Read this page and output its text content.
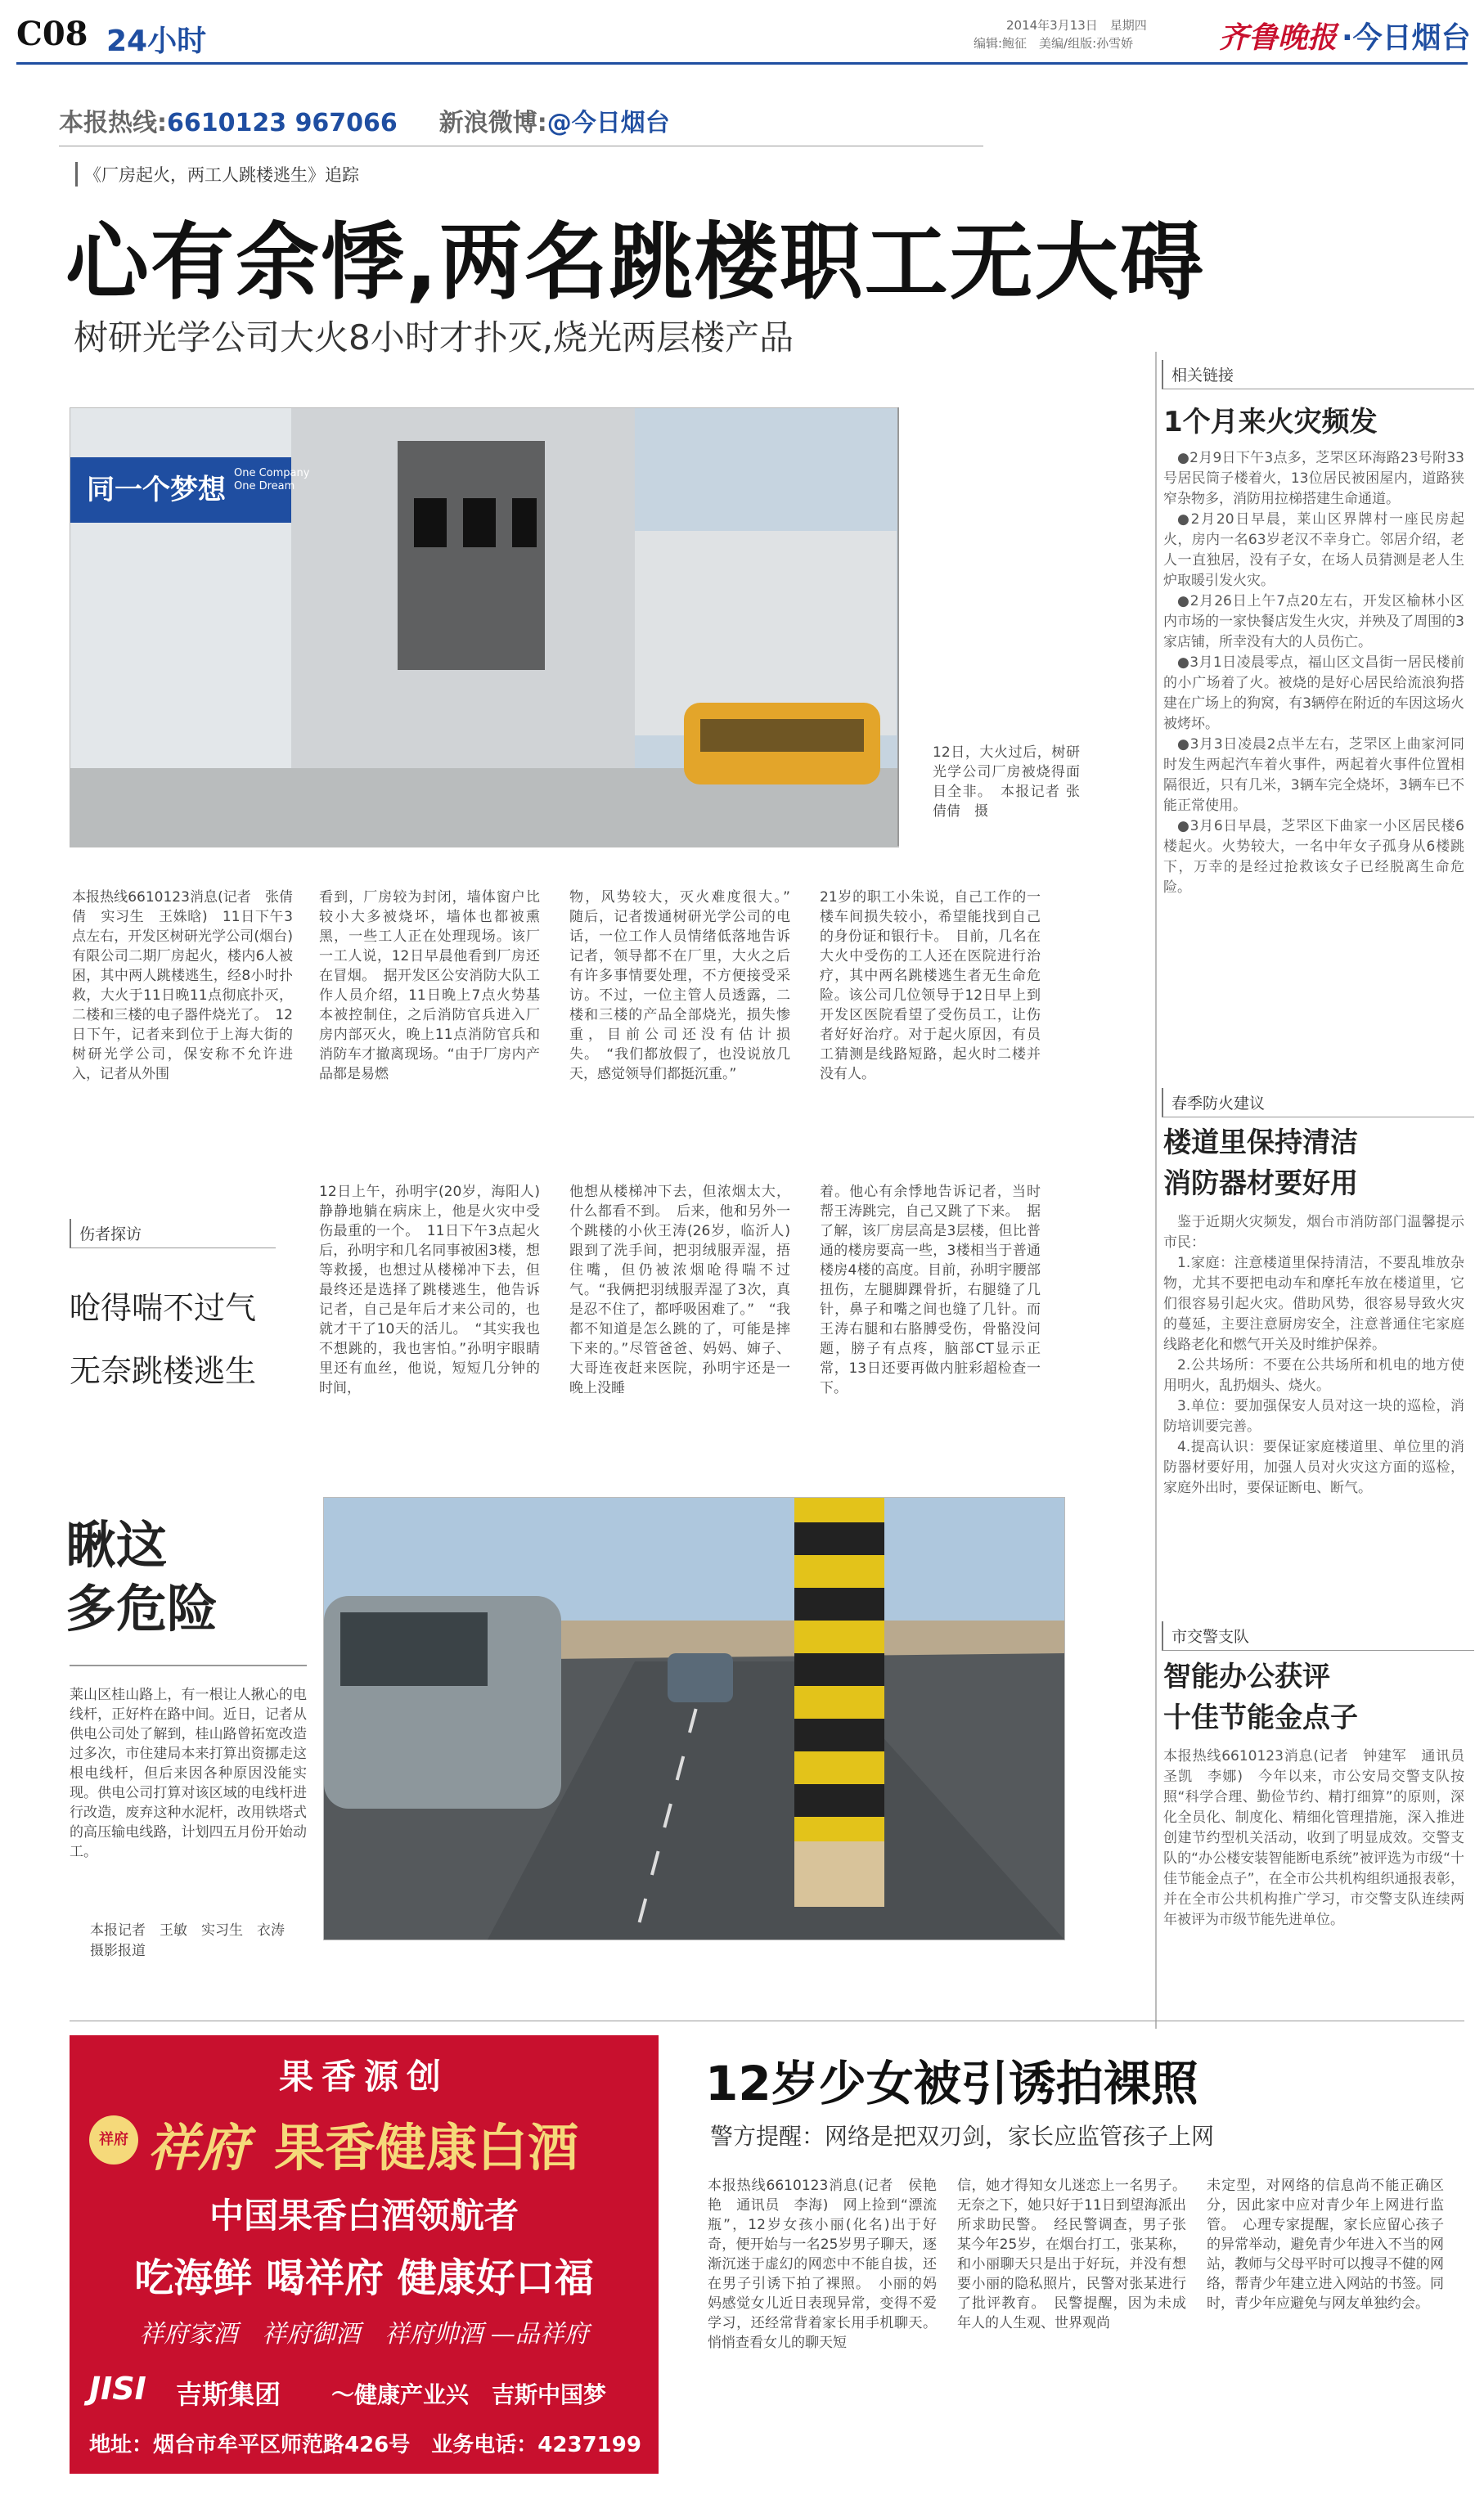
C08 24小时	2014年3月13日　星期四
编辑:鲍征　美编/组版:孙雪娇	齐鲁晚报 ·今日烟台
本报热线:6610123 967066 新浪微博:@今日烟台
《厂房起火，两工人跳楼逃生》追踪
心有余悸,两名跳楼职工无大碍
树研光学公司大火8小时才扑灭,烧光两层楼产品
同一个梦想
One Company
One Dream
12日，大火过后，树研光学公司厂房被烧得面目全非。　本报记者 张倩倩　摄
本报热线6610123消息(记者　张倩倩　实习生　王姝晗)　11日下午3点左右，开发区树研光学公司(烟台)有限公司二期厂房起火，楼内6人被困，其中两人跳楼逃生，经8小时扑救，大火于11日晚11点彻底扑灭，二楼和三楼的电子器件烧光了。　12日下午，记者来到位于上海大街的树研光学公司，保安称不允许进入，记者从外围
看到，厂房较为封闭，墙体窗户比较小大多被烧坏，墙体也都被熏黑，一些工人正在处理现场。该厂一工人说，12日早晨他看到厂房还在冒烟。　据开发区公安消防大队工作人员介绍，11日晚上7点火势基本被控制住，之后消防官兵进入厂房内部灭火，晚上11点消防官兵和消防车才撤离现场。“由于厂房内产品都是易燃
物，风势较大，灭火难度很大。”　随后，记者拨通树研光学公司的电话，一位工作人员情绪低落地告诉记者，领导都不在厂里，大火之后有许多事情要处理，不方便接受采访。不过，一位主管人员透露，二楼和三楼的产品全部烧光，损失惨重，目前公司还没有估计损失。　“我们都放假了，也没说放几天，感觉领导们都挺沉重。”
21岁的职工小朱说，自己工作的一楼车间损失较小，希望能找到自己的身份证和银行卡。　目前，几名在大火中受伤的工人还在医院进行治疗，其中两名跳楼逃生者无生命危险。该公司几位领导于12日早上到开发区医院看望了受伤员工，让伤者好好治疗。对于起火原因，有员工猜测是线路短路，起火时二楼并没有人。
伤者探访
呛得喘不过气
无奈跳楼逃生
12日上午，孙明宇(20岁，海阳人)静静地躺在病床上，他是火灾中受伤最重的一个。　11日下午3点起火后，孙明宇和几名同事被困3楼，想等救援，也想过从楼梯冲下去，但最终还是选择了跳楼逃生，他告诉记者，自己是年后才来公司的，也就才干了10天的活儿。　“其实我也不想跳的，我也害怕。”孙明宇眼睛里还有血丝，他说，短短几分钟的时间，
他想从楼梯冲下去，但浓烟太大，什么都看不到。　后来，他和另外一个跳楼的小伙王涛(26岁，临沂人)跟到了洗手间，把羽绒服弄湿，捂住嘴，但仍被浓烟呛得喘不过气。“我俩把羽绒服弄湿了3次，真是忍不住了，都呼吸困难了。”　“我都不知道是怎么跳的了，可能是摔下来的。”尽管爸爸、妈妈、婶子、大哥连夜赶来医院，孙明宇还是一晚上没睡
着。他心有余悸地告诉记者，当时帮王涛跳完，自己又跳了下来。　据了解，该厂房层高是3层楼，但比普通的楼房要高一些，3楼相当于普通楼房4楼的高度。目前，孙明宇腰部扭伤，左腿脚踝骨折，右腿缝了几针，鼻子和嘴之间也缝了几针。而王涛右腿和右胳膊受伤，骨骼没问题，膀子有点疼，脑部CT显示正常，13日还要再做内脏彩超检查一下。
瞅这
多危险
莱山区桂山路上，有一根让人揪心的电线杆，正好杵在路中间。近日，记者从供电公司处了解到，桂山路曾拓宽改造过多次，市住建局本来打算出资挪走这根电线杆，但后来因各种原因没能实现。供电公司打算对该区域的电线杆进行改造，废弃这种水泥杆，改用铁塔式的高压输电线路，计划四五月份开始动工。
本报记者　王敏　实习生　衣涛　摄影报道
相关链接
1个月来火灾频发

●2月9日下午3点多，芝罘区环海路23号附33号居民筒子楼着火，13位居民被困屋内，道路狭窄杂物多，消防用拉梯搭建生命通道。

●2月20日早晨，莱山区界牌村一座民房起火，房内一名63岁老汉不幸身亡。邻居介绍，老人一直独居，没有子女，在场人员猜测是老人生炉取暖引发火灾。

●2月26日上午7点20左右，开发区榆林小区内市场的一家快餐店发生火灾，并殃及了周围的3家店铺，所幸没有大的人员伤亡。

●3月1日凌晨零点，福山区文昌街一居民楼前的小广场着了火。被烧的是好心居民给流浪狗搭建在广场上的狗窝，有3辆停在附近的车因这场火被烤坏。

●3月3日凌晨2点半左右，芝罘区上曲家河同时发生两起汽车着火事件，两起着火事件位置相隔很近，只有几米，3辆车完全烧坏，3辆车已不能正常使用。

●3月6日早晨，芝罘区下曲家一小区居民楼6楼起火。火势较大，一名中年女子孤身从6楼跳下，万幸的是经过抢救该女子已经脱离生命危险。

春季防火建议
楼道里保持清洁
消防器材要好用

鉴于近期火灾频发，烟台市消防部门温馨提示市民：

1.家庭：注意楼道里保持清洁，不要乱堆放杂物，尤其不要把电动车和摩托车放在楼道里，它们很容易引起火灾。借助风势，很容易导致火灾的蔓延，主要注意厨房安全，注意普通住宅家庭线路老化和燃气开关及时维护保养。

2.公共场所：不要在公共场所和机电的地方使用明火，乱扔烟头、烧火。

3.单位：要加强保安人员对这一块的巡检，消防培训要完善。

4.提高认识：要保证家庭楼道里、单位里的消防器材要好用，加强人员对火灾这方面的巡检，家庭外出时，要保证断电、断气。

市交警支队
智能办公获评
十佳节能金点子
本报热线6610123消息(记者　钟建军　通讯员　圣凯　李娜)　今年以来，市公安局交警支队按照“科学合理、勤俭节约、精打细算”的原则，深化全员化、制度化、精细化管理措施，深入推进创建节约型机关活动，收到了明显成效。交警支队的“办公楼安装智能断电系统”被评选为市级“十佳节能金点子”，在全市公共机构组织通报表彰，并在全市公共机构推广学习，市交警支队连续两年被评为市级节能先进单位。
果香源创
祥府 祥府 果香健康白酒
中国果香白酒领航者
吃海鲜 喝祥府 健康好口福
祥府家酒　祥府御酒　祥府帅酒 —品祥府
JISI 吉斯集团 ～健康产业兴　吉斯中国梦
地址：烟台市牟平区师范路426号　业务电话：4237199
12岁少女被引诱拍裸照
警方提醒：网络是把双刃剑，家长应监管孩子上网
本报热线6610123消息(记者　侯艳艳　通讯员　李海)　网上捡到“漂流瓶”，12岁女孩小丽(化名)出于好奇，便开始与一名25岁男子聊天，逐渐沉迷于虚幻的网恋中不能自拔，还在男子引诱下拍了裸照。　小丽的妈妈感觉女儿近日表现异常，变得不爱学习，还经常背着家长用手机聊天。悄悄查看女儿的聊天短
信，她才得知女儿迷恋上一名男子。无奈之下，她只好于11日到望海派出所求助民警。　经民警调查，男子张某今年25岁，在烟台打工，张某称，和小丽聊天只是出于好玩，并没有想要小丽的隐私照片，民警对张某进行了批评教育。　民警提醒，因为未成年人的人生观、世界观尚
未定型，对网络的信息尚不能正确区分，因此家中应对青少年上网进行监管。　心理专家提醒，家长应留心孩子的异常举动，避免青少年进入不当的网站，教师与父母平时可以搜寻不健的网络，帮青少年建立进入网站的书签。同时，青少年应避免与网友单独约会。
